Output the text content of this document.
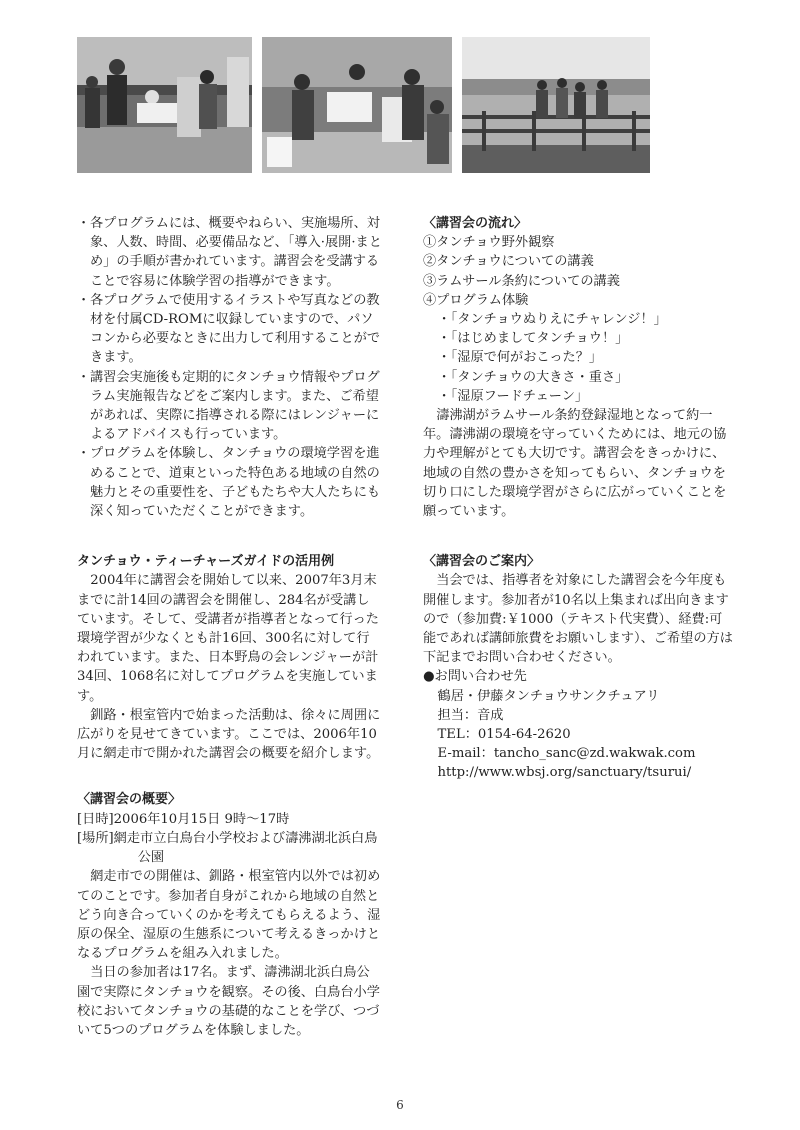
・ 各プログラムには、概要やねらい、実施場所、対象、人数、時間、必要備品など、「導入·展開·まとめ」の手順が書かれています。講習会を受講することで容易に体験学習の指導ができます。
・ 各プログラムで使用するイラストや写真などの教材を付属CD-ROMに収録していますので、パソコンから必要なときに出力して利用することができます。
・ 講習会実施後も定期的にタンチョウ情報やプログラム実施報告などをご案内します。また、ご希望があれば、実際に指導される際にはレンジャーによるアドバイスも行っています。
・ プログラムを体験し、タンチョウの環境学習を進めることで、道東といった特色ある地域の自然の魅力とその重要性を、子どもたちや大人たちにも深く知っていただくことができます。

タンチョウ・ティーチャーズガイドの活用例

2004年に講習会を開始して以来、2007年3月末までに計14回の講習会を開催し、284名が受講しています。そして、受講者が指導者となって行った環境学習が少なくとも計16回、300名に対して行われています。また、日本野鳥の会レンジャーが計34回、1068名に対してプログラムを実施しています。

釧路・根室管内で始まった活動は、徐々に周囲に広がりを見せてきています。ここでは、2006年10月に網走市で開かれた講習会の概要を紹介します。

〈講習会の概要〉

[日時]2006年10月15日 9時～17時

[場所]網走市立白鳥台小学校および濤沸湖北浜白鳥公園

網走市での開催は、釧路・根室管内以外では初めてのことです。参加者自身がこれから地域の自然とどう向き合っていくのかを考えてもらえるよう、湿原の保全、湿原の生態系について考えるきっかけとなるプログラムを組み入れました。

当日の参加者は17名。まず、濤沸湖北浜白鳥公園で実際にタンチョウを観察。その後、白鳥台小学校においてタンチョウの基礎的なことを学び、つづいて5つのプログラムを体験しました。

〈講習会の流れ〉

①タンチョウ野外観察

②タンチョウについての講義

③ラムサール条約についての講義

④プログラム体験

・「タンチョウぬりえにチャレンジ！」

・「はじめましてタンチョウ！」

・「湿原で何がおこった？」

・「タンチョウの大きさ・重さ」

・「湿原フードチェーン」

濤沸湖がラムサール条約登録湿地となって約一年。濤沸湖の環境を守っていくためには、地元の協力や理解がとても大切です。講習会をきっかけに、地域の自然の豊かさを知ってもらい、タンチョウを切り口にした環境学習がさらに広がっていくことを願っています。

〈講習会のご案内〉

当会では、指導者を対象にした講習会を今年度も開催します。参加者が10名以上集まれば出向きますので（参加費:￥1000（テキスト代実費）、経費:可能であれば講師旅費をお願いします）、ご希望の方は下記までお問い合わせください。

●お問い合わせ先

鶴居・伊藤タンチョウサンクチュアリ

担当：音成

TEL：0154-64-2620

E-mail：tancho_sanc@zd.wakwak.com

http://www.wbsj.org/sanctuary/tsurui/

6
